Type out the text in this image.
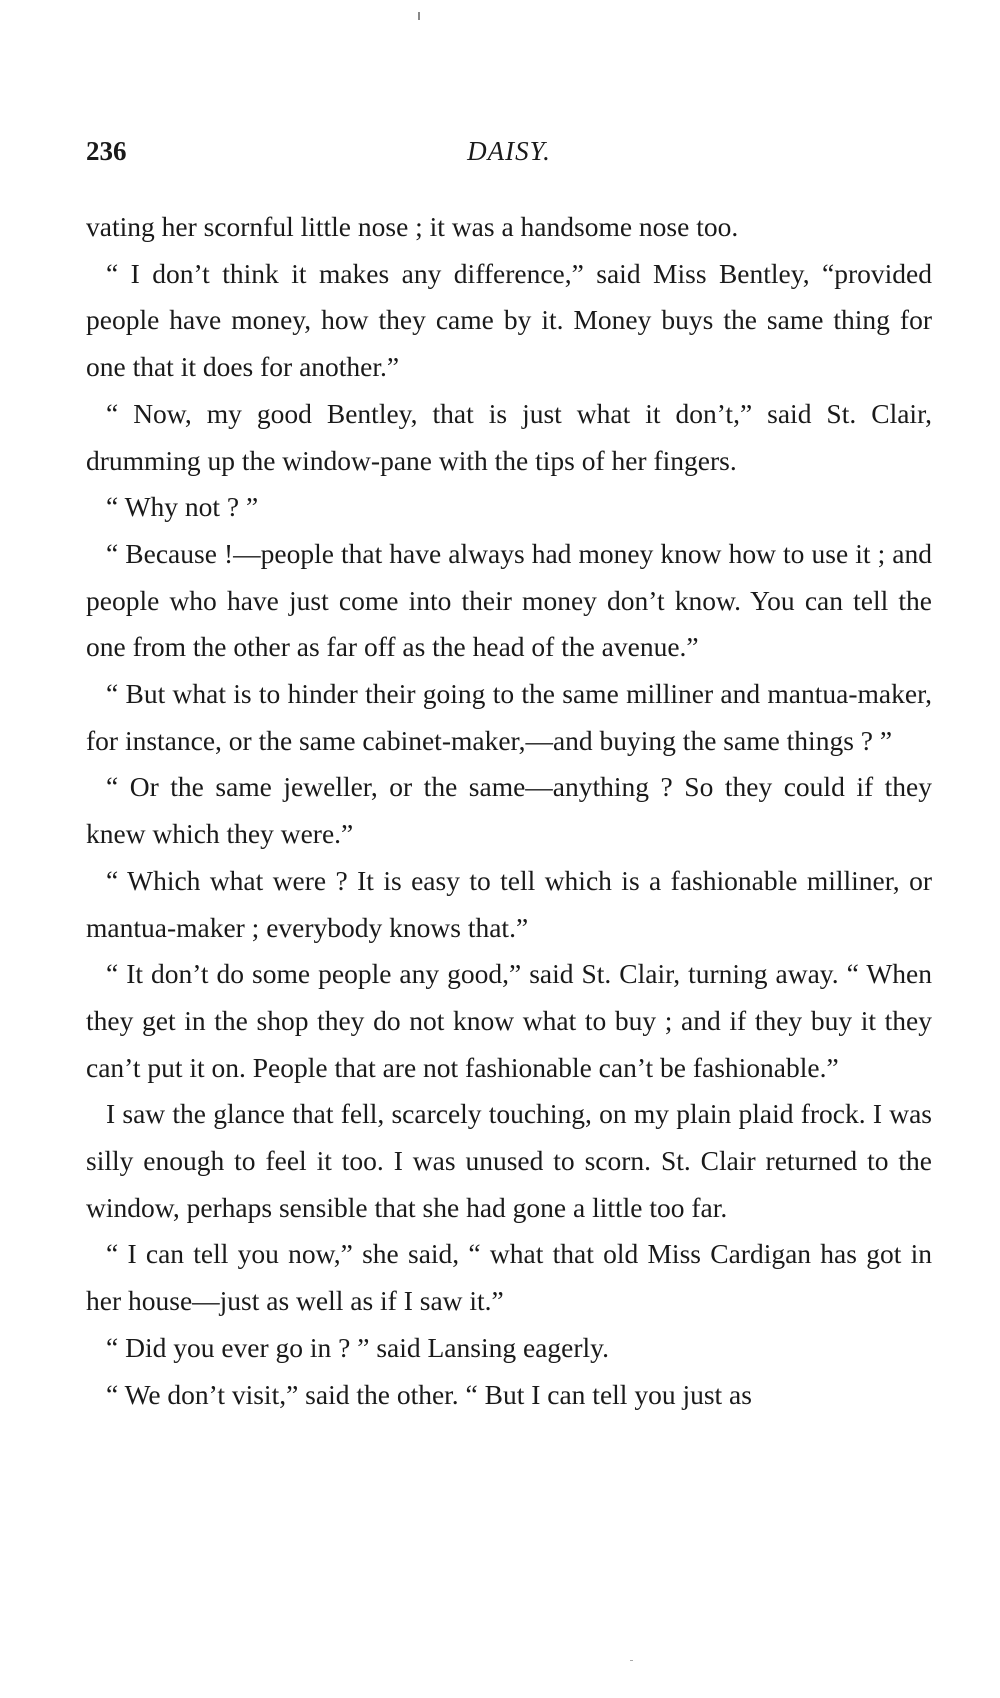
236	DAISY.

vating her scornful little nose ; it was a handsome nose too.

“ I don’t think it makes any difference,” said Miss Bentley, “provided people have money, how they came by it. Money buys the same thing for one that it does for another.”

“ Now, my good Bentley, that is just what it don’t,” said St. Clair, drumming up the window-pane with the tips of her fingers.

“ Why not ? ”

“ Because !—people that have always had money know how to use it ; and people who have just come into their money don’t know. You can tell the one from the other as far off as the head of the avenue.”

“ But what is to hinder their going to the same milliner and mantua-maker, for instance, or the same cabinet-maker,—and buying the same things ? ”

“ Or the same jeweller, or the same—anything ? So they could if they knew which they were.”

“ Which what were ? It is easy to tell which is a fashionable milliner, or mantua-maker ; everybody knows that.”

“ It don’t do some people any good,” said St. Clair, turning away. “ When they get in the shop they do not know what to buy ; and if they buy it they can’t put it on. People that are not fashionable can’t be fashionable.”

I saw the glance that fell, scarcely touching, on my plain plaid frock. I was silly enough to feel it too. I was unused to scorn. St. Clair returned to the window, perhaps sensible that she had gone a little too far.

“ I can tell you now,” she said, “ what that old Miss Cardigan has got in her house—just as well as if I saw it.”

“ Did you ever go in ? ” said Lansing eagerly.

“ We don’t visit,” said the other. “ But I can tell you just as
